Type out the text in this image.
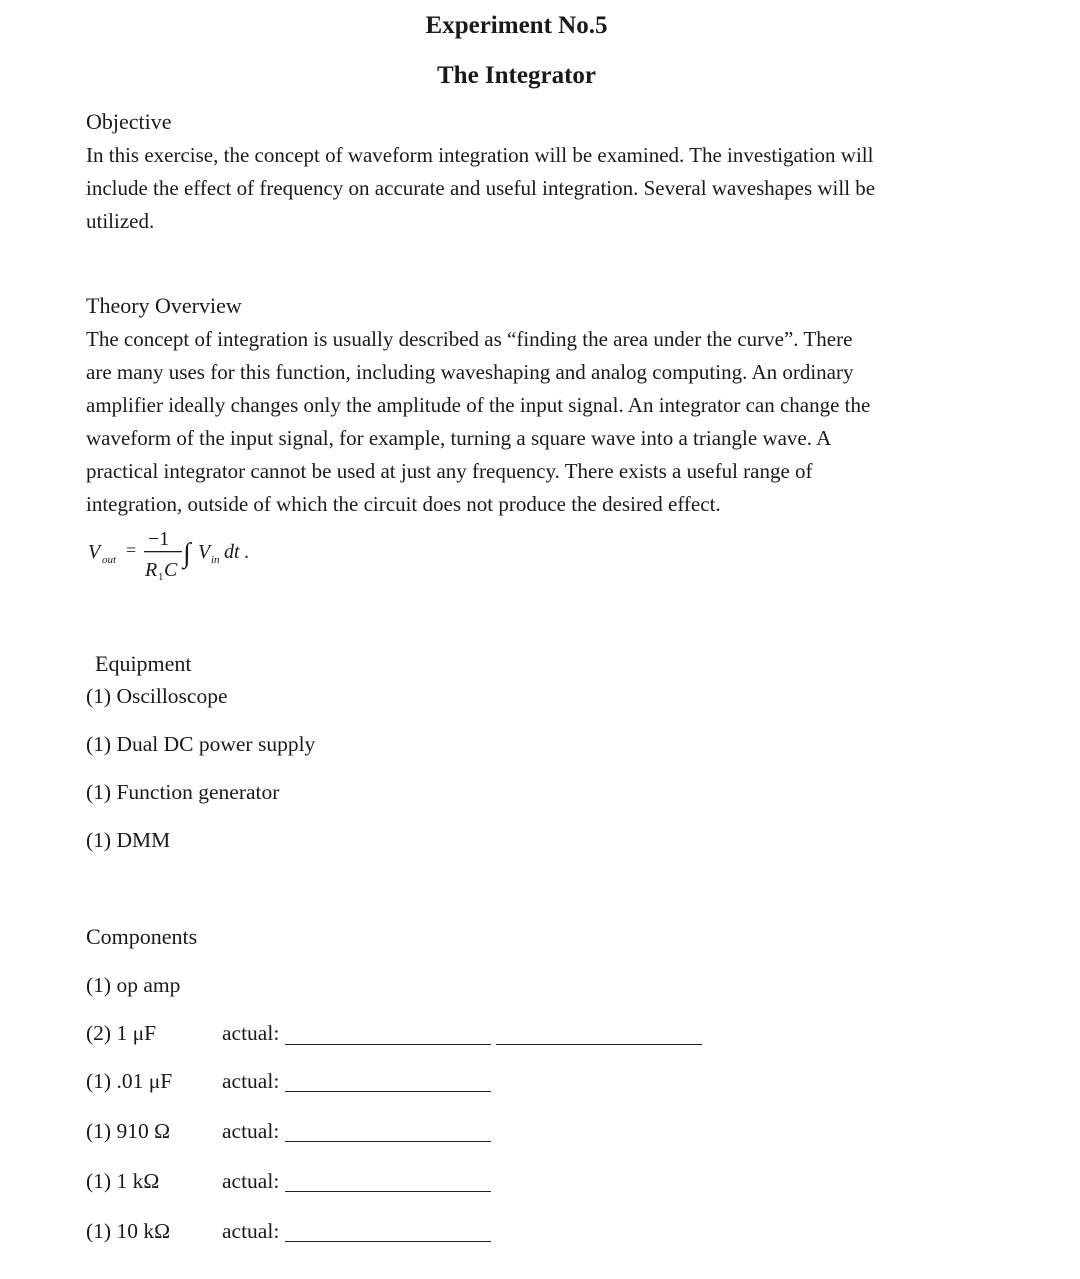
Experiment No.5
The Integrator
Objective
In this exercise, the concept of waveform integration will be examined. The investigation will
include the effect of frequency on accurate and useful integration. Several waveshapes will be
utilized.
Theory Overview
The concept of integration is usually described as “finding the area under the curve”. There
are many uses for this function, including waveshaping and analog computing. An ordinary
amplifier ideally changes only the amplitude of the input signal. An integrator can change the
waveform of the input signal, for example, turning a square wave into a triangle wave. A
practical integrator cannot be used at just any frequency. There exists a useful range of
integration, outside of which the circuit does not produce the desired effect.
V out = −1
R 1 C
∫ V in dt .
Equipment
(1) Oscilloscope
(1) Dual DC power supply
(1) Function generator
(1) DMM
Components
(1) op amp
(2) 1 μF	actual:
(1) .01 μF actual:
(1) 910 Ω actual:
(1) 1 kΩ	actual:
(1) 10 kΩ actual:
